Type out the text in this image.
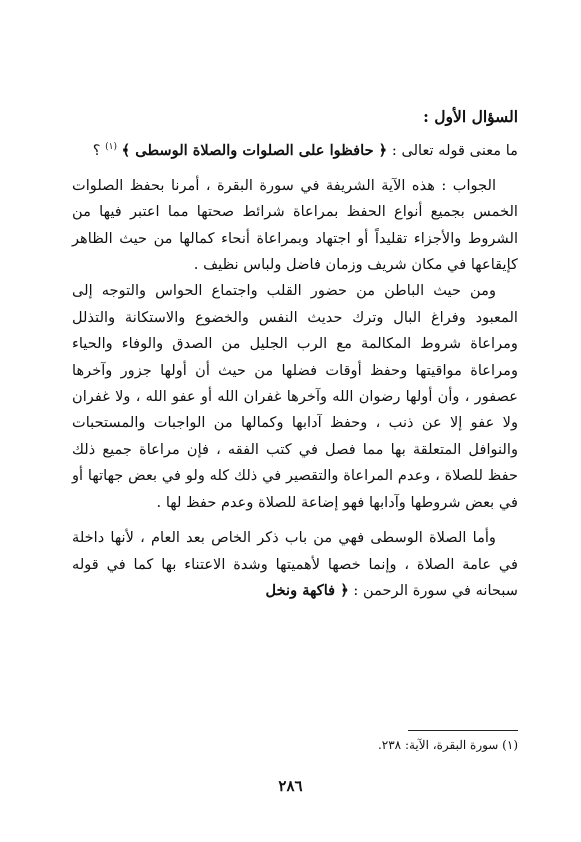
السؤال الأول :

ما معنى قوله تعالى : ﴿ حافظوا على الصلوات والصلاة الوسطى ﴾ $^{(١)}$ ؟

الجواب : هذه الآية الشريفة في سورة البقرة ، أمرنا بحفظ الصلوات الخمس بجميع أنواع الحفظ بمراعاة شرائط صحتها مما اعتبر فيها من الشروط والأجزاء تقليداً أو اجتهاد وبمراعاة أنحاء كمالها من حيث الظاهر كإيقاعها في مكان شريف وزمان فاضل ولباس نظيف .

ومن حيث الباطن من حضور القلب واجتماع الحواس والتوجه إلى المعبود وفراغ البال وترك حديث النفس والخضوع والاستكانة والتذلل ومراعاة شروط المكالمة مع الرب الجليل من الصدق والوفاء والحياء ومراعاة مواقيتها وحفظ أوقات فضلها من حيث أن أولها جزور وآخرها عصفور ، وأن أولها رضوان الله وآخرها غفران الله أو عفو الله ، ولا غفران ولا عفو إلا عن ذنب ، وحفظ آدابها وكمالها من الواجبات والمستحبات والنوافل المتعلقة بها مما فصل في كتب الفقه ، فإن مراعاة جميع ذلك حفظ للصلاة ، وعدم المراعاة والتقصير في ذلك كله ولو في بعض جهاتها أو في بعض شروطها وآدابها فهو إضاعة للصلاة وعدم حفظ لها .

وأما الصلاة الوسطى فهي من باب ذكر الخاص بعد العام ، لأنها داخلة في عامة الصلاة ، وإنما خصها لأهميتها وشدة الاعتناء بها كما في قوله سبحانه في سورة الرحمن : ﴿ فاكهة ونخل

(١) سورة البقرة، الآية: ٢٣٨.
٢٨٦
